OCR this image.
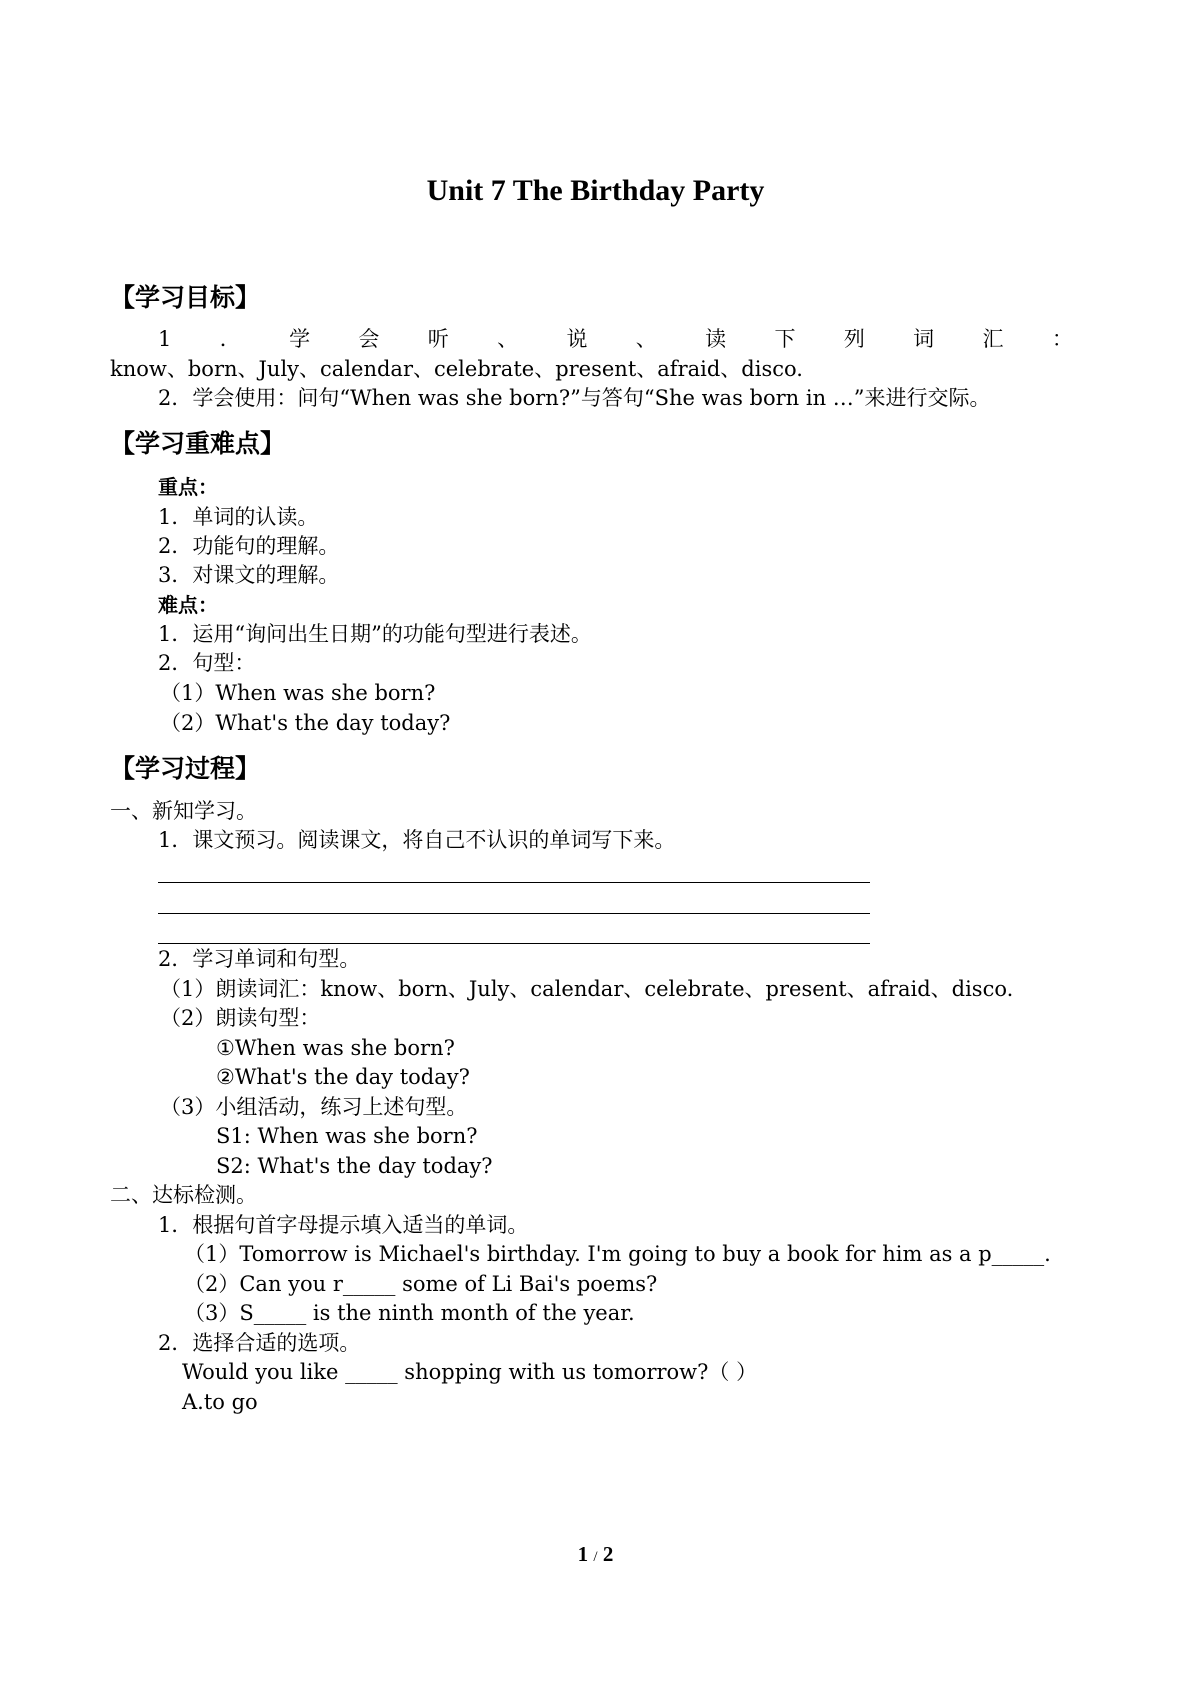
Unit 7 The Birthday Party
【学习目标】
1 ． 学 会 听 、 说 、 读 下 列 词 汇 ：
know、born、July、calendar、celebrate、present、afraid、disco.
2．学会使用：问句“When was she born?”与答句“She was born in …”来进行交际。
【学习重难点】
重点：
1．单词的认读。
2．功能句的理解。
3．对课文的理解。
难点：
1．运用“询问出生日期”的功能句型进行表述。
2．句型：
（1）When was she born?
（2）What's the day today?
【学习过程】
一、新知学习。
1．课文预习。阅读课文，将自己不认识的单词写下来。
2．学习单词和句型。
（1）朗读词汇：know、born、July、calendar、celebrate、present、afraid、disco.
（2）朗读句型：
①When was she born?
②What's the day today?
（3）小组活动，练习上述句型。
S1: When was she born?
S2: What's the day today?
二、达标检测。
1．根据句首字母提示填入适当的单词。
（1）Tomorrow is Michael's birthday. I'm going to buy a book for him as a p_____.
（2）Can you r_____ some of Li Bai's poems?
（3）S_____ is the ninth month of the year.
2．选择合适的选项。
Would you like _____ shopping with us tomorrow?（ ）
A.to go
1 / 2
